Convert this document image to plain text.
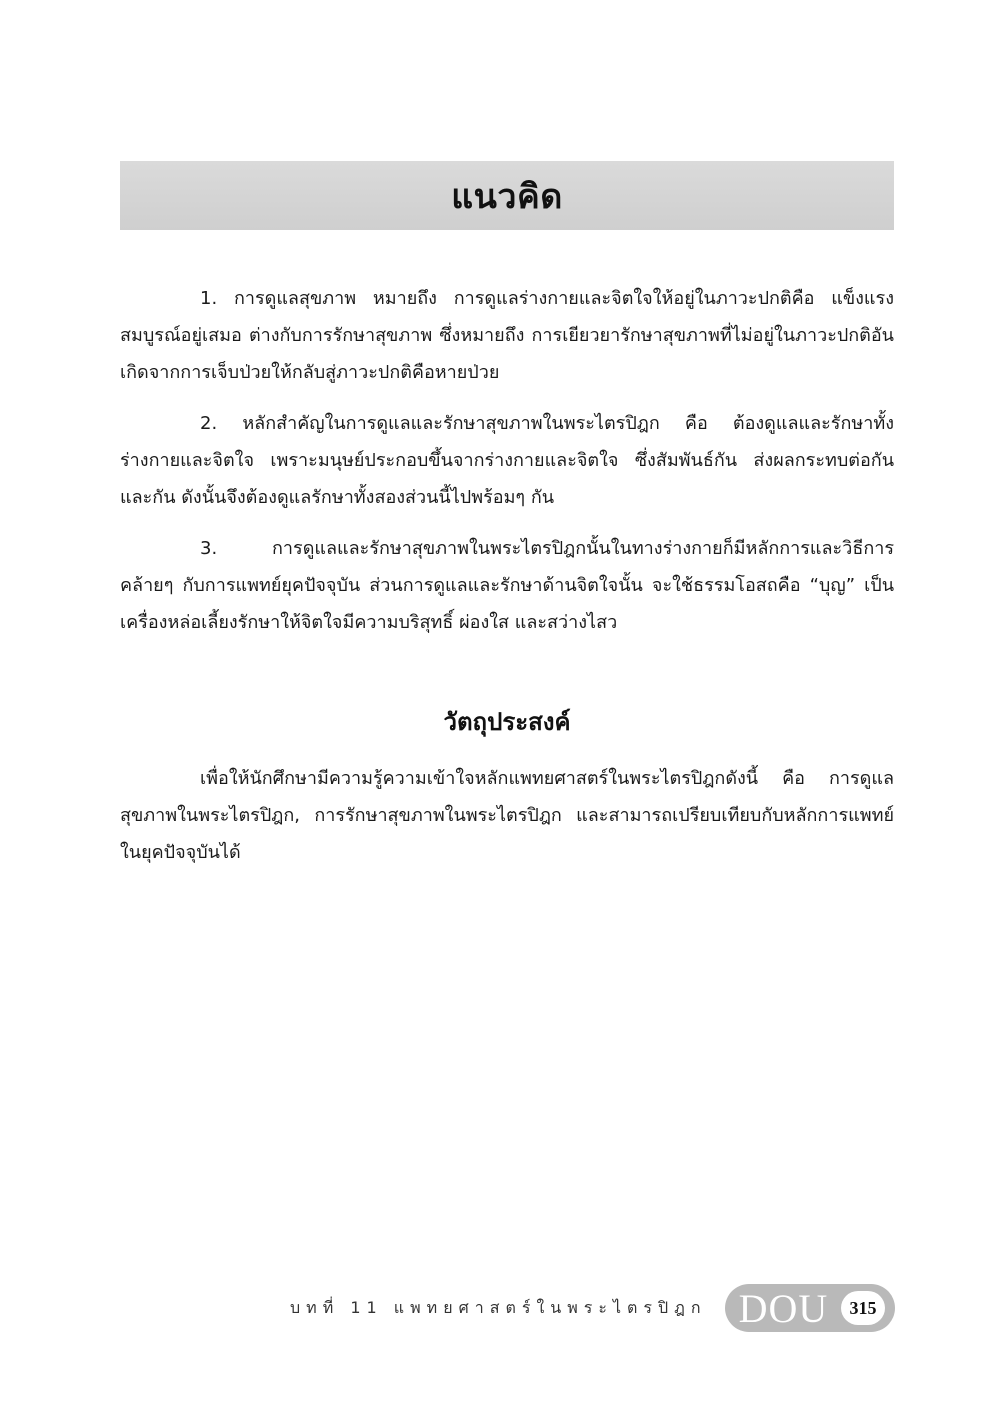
แนวคิด

1. การดูแลสุขภาพ หมายถึง การดูแลร่างกายและจิตใจให้อยู่ในภาวะปกติคือ แข็งแรงสมบูรณ์อยู่เสมอ ต่างกับการรักษาสุขภาพ ซึ่งหมายถึง การเยียวยารักษาสุขภาพที่ไม่อยู่ในภาวะปกติอันเกิดจากการเจ็บป่วยให้กลับสู่ภาวะปกติคือหายป่วย

2. หลักสำคัญในการดูแลและรักษาสุขภาพในพระไตรปิฎก คือ ต้องดูแลและรักษาทั้งร่างกายและจิตใจ เพราะมนุษย์ประกอบขึ้นจากร่างกายและจิตใจ ซึ่งสัมพันธ์กัน ส่งผลกระทบต่อกันและกัน ดังนั้นจึงต้องดูแลรักษาทั้งสองส่วนนี้ไปพร้อมๆ กัน

3. การดูแลและรักษาสุขภาพในพระไตรปิฎกนั้นในทางร่างกายก็มีหลักการและวิธีการคล้ายๆ กับการแพทย์ยุคปัจจุบัน ส่วนการดูแลและรักษาด้านจิตใจนั้น จะใช้ธรรมโอสถคือ “บุญ” เป็นเครื่องหล่อเลี้ยงรักษาให้จิตใจมีความบริสุทธิ์ ผ่องใส และสว่างไสว

วัตถุประสงค์

เพื่อให้นักศึกษามีความรู้ความเข้าใจหลักแพทยศาสตร์ในพระไตรปิฎกดังนี้ คือ การดูแลสุขภาพในพระไตรปิฎก, การรักษาสุขภาพในพระไตรปิฎก และสามารถเปรียบเทียบกับหลักการแพทย์ในยุคปัจจุบันได้

บทที่ 11 แพทยศาสตร์ในพระไตรปิฎก DOU	315
